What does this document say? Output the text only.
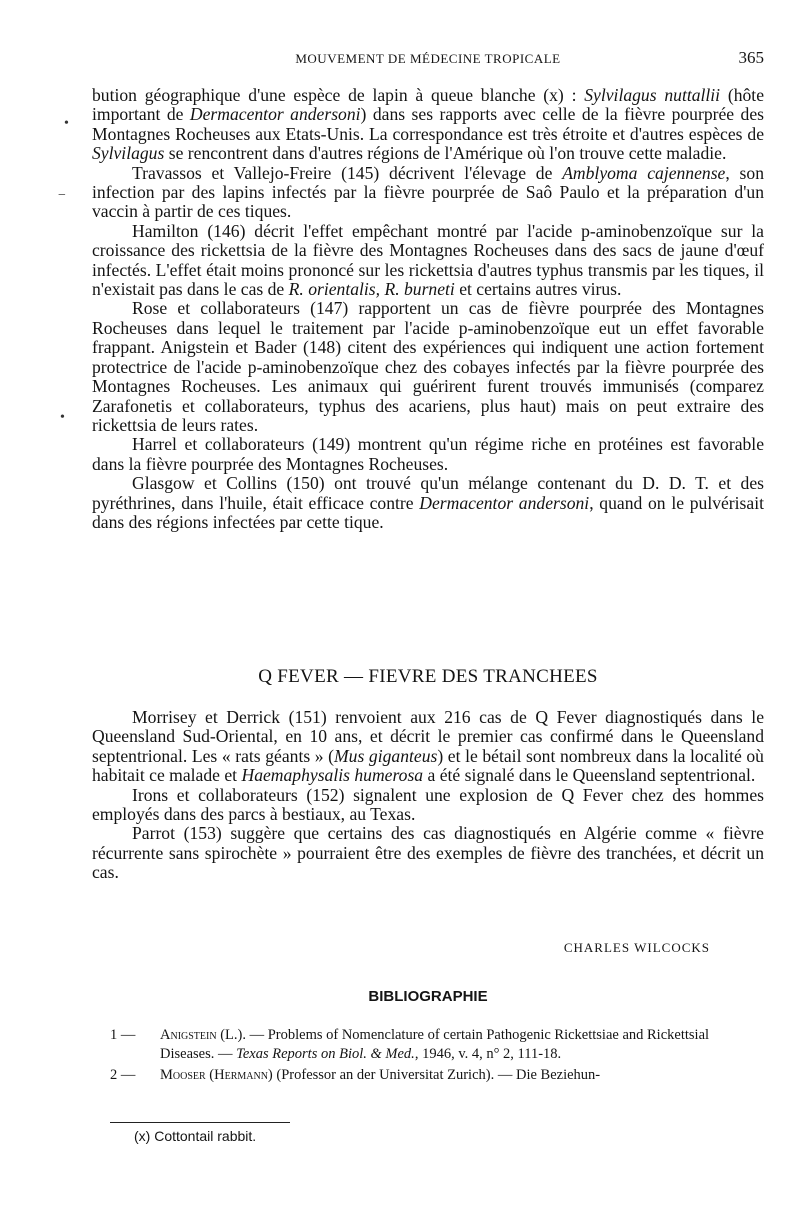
MOUVEMENT DE MÉDECINE TROPICALE	365

bution géographique d'une espèce de lapin à queue blanche (x) : Sylvilagus nuttallii (hôte important de Dermacentor andersoni) dans ses rapports avec celle de la fièvre pourprée des Montagnes Rocheuses aux Etats-Unis. La correspondance est très étroite et d'autres espèces de Sylvilagus se rencontrent dans d'autres régions de l'Amérique où l'on trouve cette maladie.

Travassos et Vallejo-Freire (145) décrivent l'élevage de Amblyoma cajennense, son infection par des lapins infectés par la fièvre pourprée de Saô Paulo et la préparation d'un vaccin à partir de ces tiques.

Hamilton (146) décrit l'effet empêchant montré par l'acide p-aminobenzoïque sur la croissance des rickettsia de la fièvre des Montagnes Rocheuses dans des sacs de jaune d'œuf infectés. L'effet était moins prononcé sur les rickettsia d'autres typhus transmis par les tiques, il n'existait pas dans le cas de R. orientalis, R. burneti et certains autres virus.

Rose et collaborateurs (147) rapportent un cas de fièvre pourprée des Montagnes Rocheuses dans lequel le traitement par l'acide p-aminobenzoïque eut un effet favorable frappant. Anigstein et Bader (148) citent des expériences qui indiquent une action fortement protectrice de l'acide p-aminobenzoïque chez des cobayes infectés par la fièvre pourprée des Montagnes Rocheuses. Les animaux qui guérirent furent trouvés immunisés (comparez Zarafonetis et collaborateurs, typhus des acariens, plus haut) mais on peut extraire des rickettsia de leurs rates.

Harrel et collaborateurs (149) montrent qu'un régime riche en protéines est favorable dans la fièvre pourprée des Montagnes Rocheuses.

Glasgow et Collins (150) ont trouvé qu'un mélange contenant du D. D. T. et des pyréthrines, dans l'huile, était efficace contre Dermacentor andersoni, quand on le pulvérisait dans des régions infectées par cette tique.

Q FEVER — FIEVRE DES TRANCHEES

Morrisey et Derrick (151) renvoient aux 216 cas de Q Fever diagnostiqués dans le Queensland Sud-Oriental, en 10 ans, et décrit le premier cas confirmé dans le Queensland septentrional. Les « rats géants » (Mus giganteus) et le bétail sont nombreux dans la localité où habitait ce malade et Haemaphysalis humerosa a été signalé dans le Queensland septentrional.

Irons et collaborateurs (152) signalent une explosion de Q Fever chez des hommes employés dans des parcs à bestiaux, au Texas.

Parrot (153) suggère que certains des cas diagnostiqués en Algérie comme « fièvre récurrente sans spirochète » pourraient être des exemples de fièvre des tranchées, et décrit un cas.

CHARLES WILCOCKS
BIBLIOGRAPHIE
1 — Anigstein (L.). — Problems of Nomenclature of certain Pathogenic Rickettsiae and Rickettsial Diseases. — Texas Reports on Biol. & Med., 1946, v. 4, n° 2, 111-18.
2 — Mooser (Hermann) (Professor an der Universitat Zurich). — Die Beziehun-
(x) Cottontail rabbit.
•
−
•
